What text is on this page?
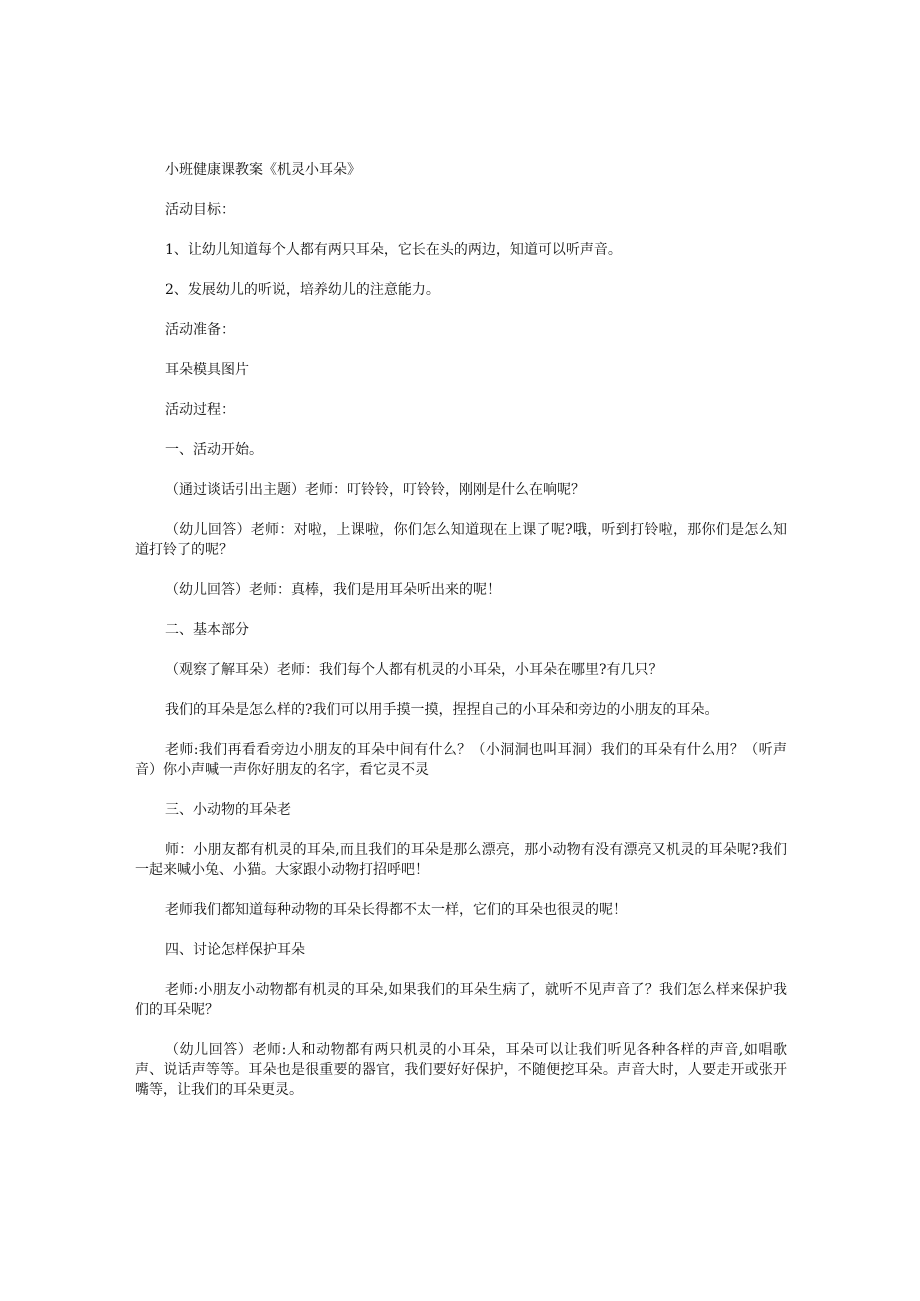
小班健康课教案《机灵小耳朵》

活动目标：

1、让幼儿知道每个人都有两只耳朵，它长在头的两边，知道可以听声音。

2、发展幼儿的听说，培养幼儿的注意能力。

活动准备：

耳朵模具图片

活动过程：

一、活动开始。

（通过谈话引出主题）老师：叮铃铃，叮铃铃，刚刚是什么在响呢？

（幼儿回答）老师：对啦，上课啦，你们怎么知道现在上课了呢?哦，听到打铃啦，那你们是怎么知道打铃了的呢？

（幼儿回答）老师：真棒，我们是用耳朵听出来的呢！

二、基本部分

（观察了解耳朵）老师：我们每个人都有机灵的小耳朵，小耳朵在哪里?有几只？

我们的耳朵是怎么样的?我们可以用手摸一摸，捏捏自己的小耳朵和旁边的小朋友的耳朵。

老师:我们再看看旁边小朋友的耳朵中间有什么？（小洞洞也叫耳洞）我们的耳朵有什么用？（听声音）你小声喊一声你好朋友的名字，看它灵不灵

三、小动物的耳朵老

师：小朋友都有机灵的耳朵,而且我们的耳朵是那么漂亮，那小动物有没有漂亮又机灵的耳朵呢?我们一起来喊小兔、小猫。大家跟小动物打招呼吧！

老师我们都知道每种动物的耳朵长得都不太一样，它们的耳朵也很灵的呢！

四、讨论怎样保护耳朵

老师:小朋友小动物都有机灵的耳朵,如果我们的耳朵生病了，就听不见声音了？我们怎么样来保护我们的耳朵呢？

（幼儿回答）老师:人和动物都有两只机灵的小耳朵，耳朵可以让我们听见各种各样的声音,如唱歌声、说话声等等。耳朵也是很重要的器官，我们要好好保护，不随便挖耳朵。声音大时，人要走开或张开嘴等，让我们的耳朵更灵。
